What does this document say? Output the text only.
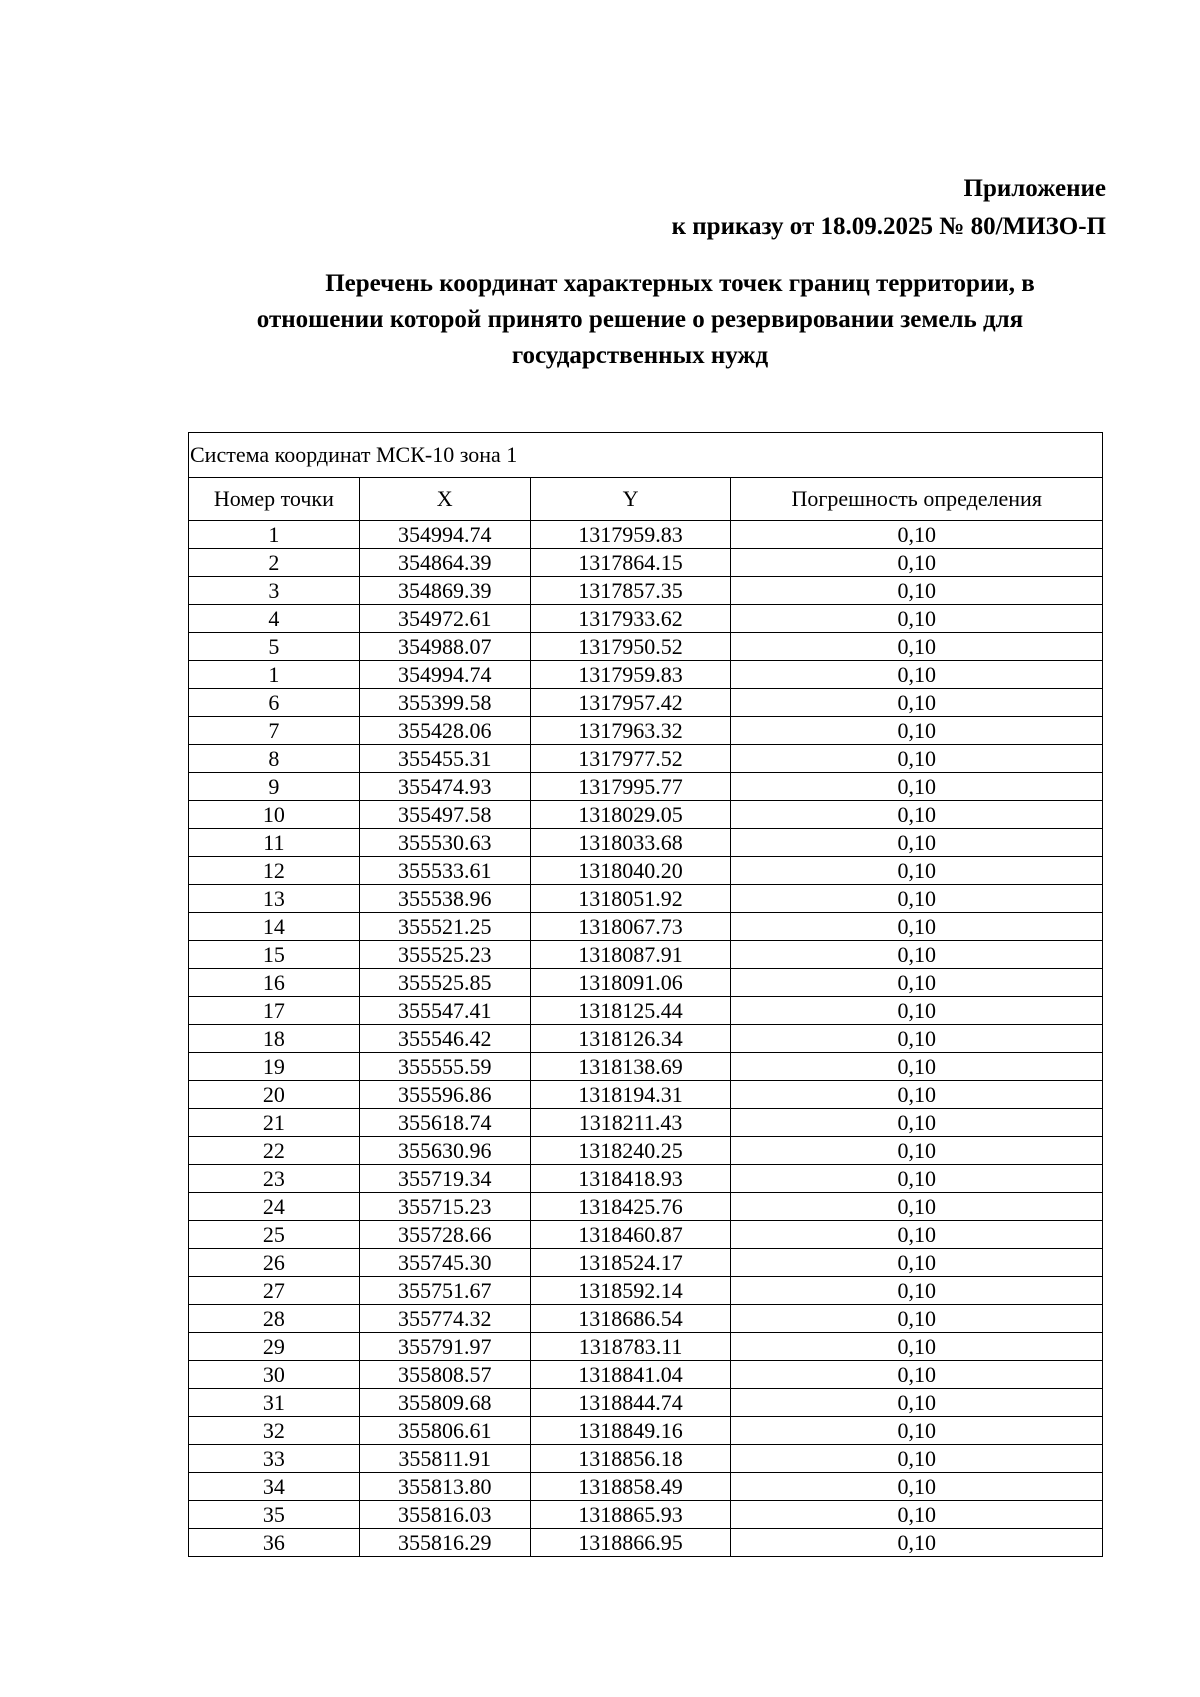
Приложение
к приказу от 18.09.2025 № 80/МИЗО-П
Перечень координат характерных точек границ территории, в отношении которой принято решение о резервировании земель для государственных нужд
Система координат МСК-10 зона 1			
Номер точки	X	Y	Погрешность определения
1	354994.74	1317959.83	0,10
2	354864.39	1317864.15	0,10
3	354869.39	1317857.35	0,10
4	354972.61	1317933.62	0,10
5	354988.07	1317950.52	0,10
1	354994.74	1317959.83	0,10
6	355399.58	1317957.42	0,10
7	355428.06	1317963.32	0,10
8	355455.31	1317977.52	0,10
9	355474.93	1317995.77	0,10
10	355497.58	1318029.05	0,10
11	355530.63	1318033.68	0,10
12	355533.61	1318040.20	0,10
13	355538.96	1318051.92	0,10
14	355521.25	1318067.73	0,10
15	355525.23	1318087.91	0,10
16	355525.85	1318091.06	0,10
17	355547.41	1318125.44	0,10
18	355546.42	1318126.34	0,10
19	355555.59	1318138.69	0,10
20	355596.86	1318194.31	0,10
21	355618.74	1318211.43	0,10
22	355630.96	1318240.25	0,10
23	355719.34	1318418.93	0,10
24	355715.23	1318425.76	0,10
25	355728.66	1318460.87	0,10
26	355745.30	1318524.17	0,10
27	355751.67	1318592.14	0,10
28	355774.32	1318686.54	0,10
29	355791.97	1318783.11	0,10
30	355808.57	1318841.04	0,10
31	355809.68	1318844.74	0,10
32	355806.61	1318849.16	0,10
33	355811.91	1318856.18	0,10
34	355813.80	1318858.49	0,10
35	355816.03	1318865.93	0,10
36	355816.29	1318866.95	0,10
